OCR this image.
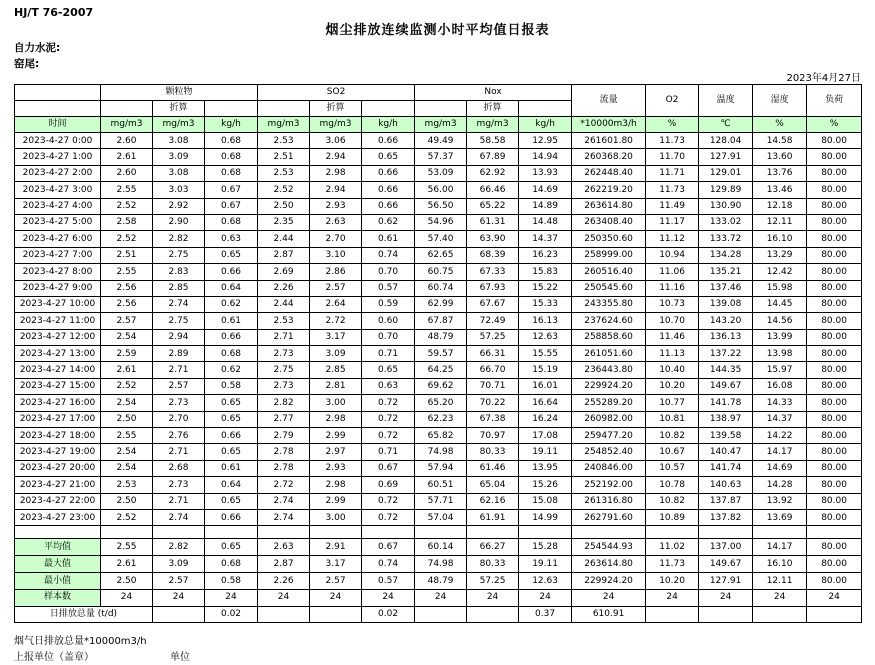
HJ/T 76-2007
烟尘排放连续监测小时平均值日报表
自力水泥:
窑尾:
2023年4月27日
	颗粒物			SO2			Nox			流量	O2	温度	湿度	负荷
		折算			折算			折算						
时间	mg/m3	mg/m3	kg/h	mg/m3	mg/m3	kg/h	mg/m3	mg/m3	kg/h	*10000m3/h	%	℃	%	%
2023-4-27 0:00	2.60	3.08	0.68	2.53	3.06	0.66	49.49	58.58	12.95	261601.80	11.73	128.04	14.58	80.00
2023-4-27 1:00	2.61	3.09	0.68	2.51	2.94	0.65	57.37	67.89	14.94	260368.20	11.70	127.91	13.60	80.00
2023-4-27 2:00	2.60	3.08	0.68	2.53	2.98	0.66	53.09	62.92	13.93	262448.40	11.71	129.01	13.76	80.00
2023-4-27 3:00	2.55	3.03	0.67	2.52	2.94	0.66	56.00	66.46	14.69	262219.20	11.73	129.89	13.46	80.00
2023-4-27 4:00	2.52	2.92	0.67	2.50	2.93	0.66	56.50	65.22	14.89	263614.80	11.49	130.90	12.18	80.00
2023-4-27 5:00	2.58	2.90	0.68	2.35	2.63	0.62	54.96	61.31	14.48	263408.40	11.17	133.02	12.11	80.00
2023-4-27 6:00	2.52	2.82	0.63	2.44	2.70	0.61	57.40	63.90	14.37	250350.60	11.12	133.72	16.10	80.00
2023-4-27 7:00	2.51	2.75	0.65	2.87	3.10	0.74	62.65	68.39	16.23	258999.00	10.94	134.28	13.29	80.00
2023-4-27 8:00	2.55	2.83	0.66	2.69	2.86	0.70	60.75	67.33	15.83	260516.40	11.06	135.21	12.42	80.00
2023-4-27 9:00	2.56	2.85	0.64	2.26	2.57	0.57	60.74	67.93	15.22	250545.60	11.16	137.46	15.98	80.00
2023-4-27 10:00	2.56	2.74	0.62	2.44	2.64	0.59	62.99	67.67	15.33	243355.80	10.73	139.08	14.45	80.00
2023-4-27 11:00	2.57	2.75	0.61	2.53	2.72	0.60	67.87	72.49	16.13	237624.60	10.70	143.20	14.56	80.00
2023-4-27 12:00	2.54	2.94	0.66	2.71	3.17	0.70	48.79	57.25	12.63	258858.60	11.46	136.13	13.99	80.00
2023-4-27 13:00	2.59	2.89	0.68	2.73	3.09	0.71	59.57	66.31	15.55	261051.60	11.13	137.22	13.98	80.00
2023-4-27 14:00	2.61	2.71	0.62	2.75	2.85	0.65	64.25	66.70	15.19	236443.80	10.40	144.35	15.97	80.00
2023-4-27 15:00	2.52	2.57	0.58	2.73	2.81	0.63	69.62	70.71	16.01	229924.20	10.20	149.67	16.08	80.00
2023-4-27 16:00	2.54	2.73	0.65	2.82	3.00	0.72	65.20	70.22	16.64	255289.20	10.77	141.78	14.33	80.00
2023-4-27 17:00	2.50	2.70	0.65	2.77	2.98	0.72	62.23	67.38	16.24	260982.00	10.81	138.97	14.37	80.00
2023-4-27 18:00	2.55	2.76	0.66	2.79	2.99	0.72	65.82	70.97	17.08	259477.20	10.82	139.58	14.22	80.00
2023-4-27 19:00	2.54	2.71	0.65	2.78	2.97	0.71	74.98	80.33	19.11	254852.40	10.67	140.47	14.17	80.00
2023-4-27 20:00	2.54	2.68	0.61	2.78	2.93	0.67	57.94	61.46	13.95	240846.00	10.57	141.74	14.69	80.00
2023-4-27 21:00	2.53	2.73	0.64	2.72	2.98	0.69	60.51	65.04	15.26	252192.00	10.78	140.63	14.28	80.00
2023-4-27 22:00	2.50	2.71	0.65	2.74	2.99	0.72	57.71	62.16	15.08	261316.80	10.82	137.87	13.92	80.00
2023-4-27 23:00	2.52	2.74	0.66	2.74	3.00	0.72	57.04	61.91	14.99	262791.60	10.89	137.82	13.69	80.00

平均值	2.55	2.82	0.65	2.63	2.91	0.67	60.14	66.27	15.28	254544.93	11.02	137.00	14.17	80.00
最大值	2.61	3.09	0.68	2.87	3.17	0.74	74.98	80.33	19.11	263614.80	11.73	149.67	16.10	80.00
最小值	2.50	2.57	0.58	2.26	2.57	0.57	48.79	57.25	12.63	229924.20	10.20	127.91	12.11	80.00
样本数	24	24	24	24	24	24	24	24	24	24	24	24	24	24
日排放总量 (t/d)			0.02			0.02			0.37	610.91				
烟气日排放总量*10000m3/h
上报单位（盖章）	单位
